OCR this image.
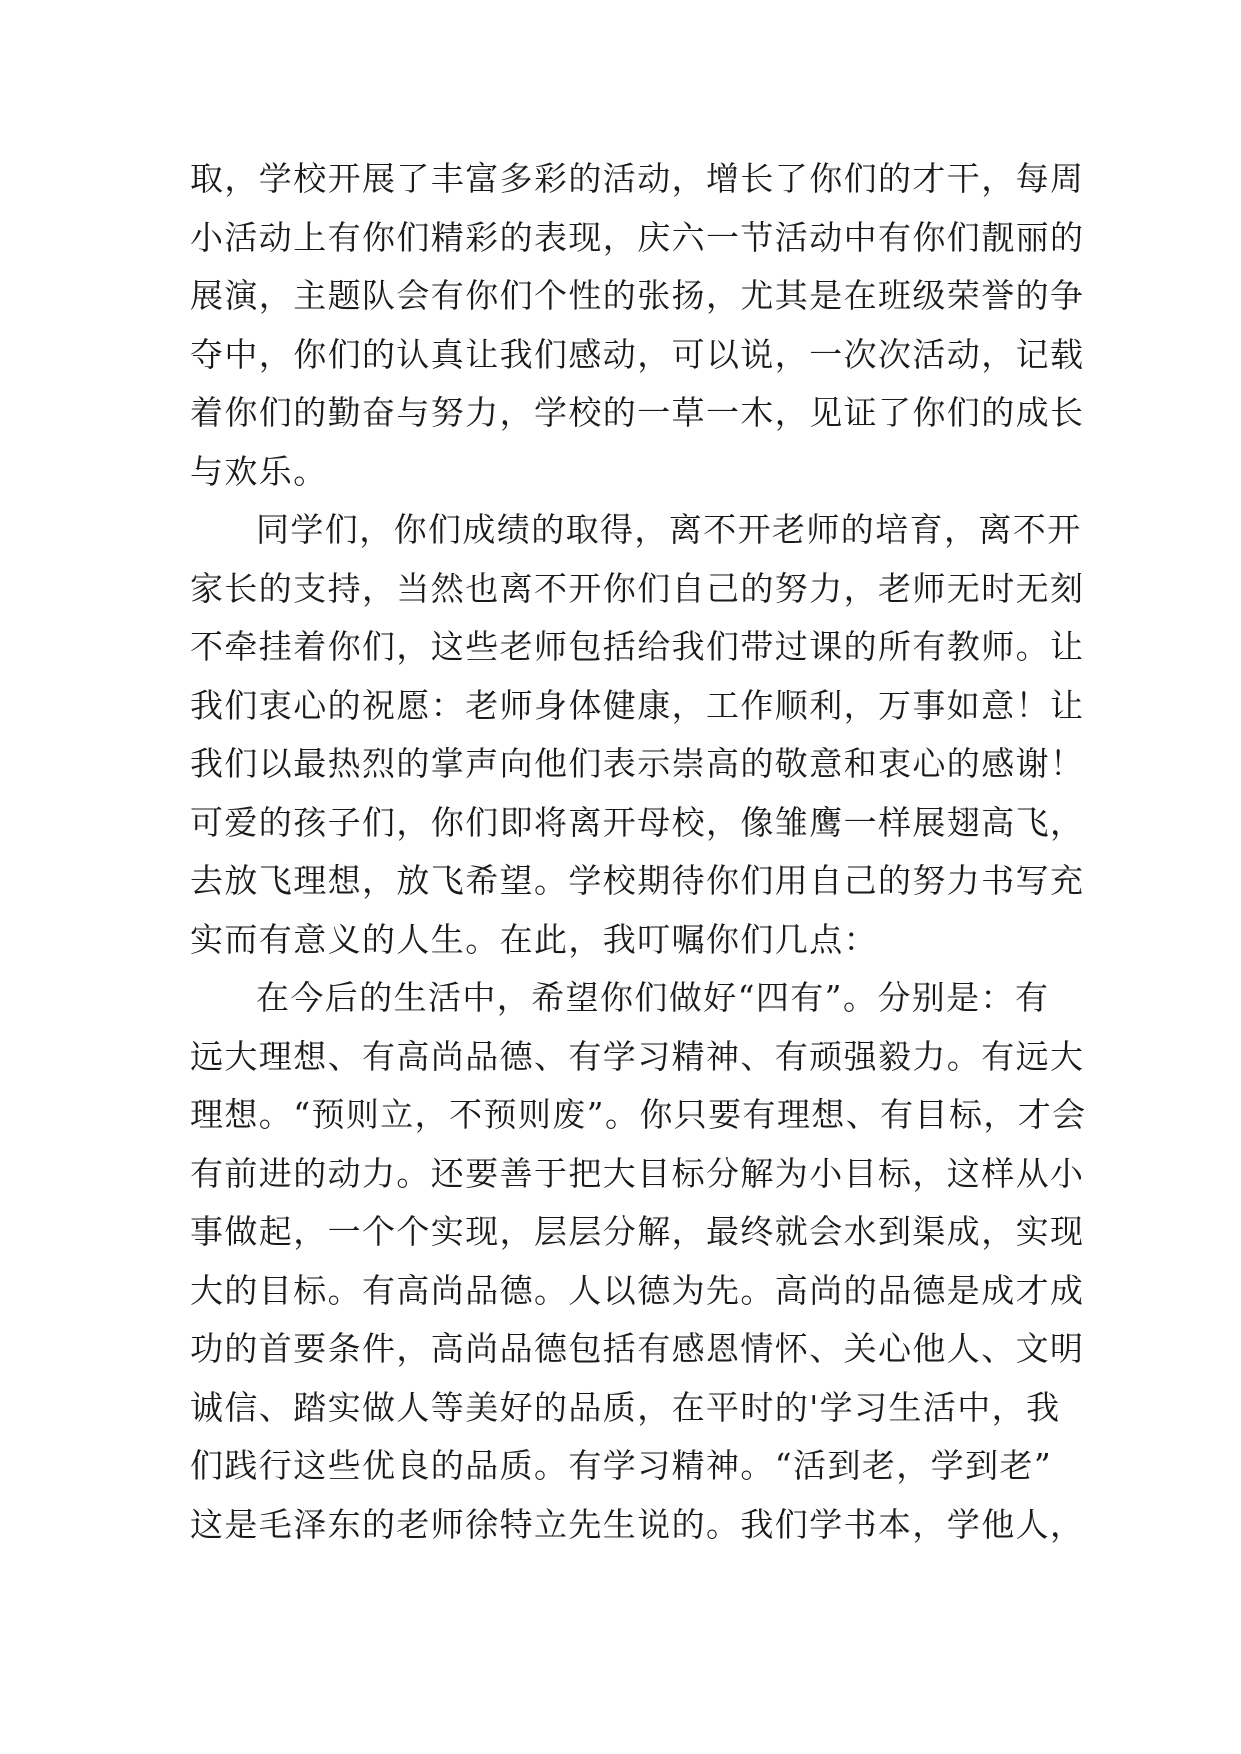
取，学校开展了丰富多彩的活动，增长了你们的才干，每周
小活动上有你们精彩的表现，庆六一节活动中有你们靓丽的
展演，主题队会有你们个性的张扬，尤其是在班级荣誉的争
夺中，你们的认真让我们感动，可以说，一次次活动，记载
着你们的勤奋与努力，学校的一草一木，见证了你们的成长
与欢乐。
同学们，你们成绩的取得，离不开老师的培育，离不开
家长的支持，当然也离不开你们自己的努力，老师无时无刻
不牵挂着你们，这些老师包括给我们带过课的所有教师。让
我们衷心的祝愿：老师身体健康，工作顺利，万事如意！让
我们以最热烈的掌声向他们表示崇高的敬意和衷心的感谢！
可爱的孩子们，你们即将离开母校，像雏鹰一样展翅高飞，
去放飞理想，放飞希望。学校期待你们用自己的努力书写充
实而有意义的人生。在此，我叮嘱你们几点：
在今后的生活中，希望你们做好“四有”。分别是：有
远大理想、有高尚品德、有学习精神、有顽强毅力。有远大
理想。“预则立，不预则废”。你只要有理想、有目标，才会
有前进的动力。还要善于把大目标分解为小目标，这样从小
事做起，一个个实现，层层分解，最终就会水到渠成，实现
大的目标。有高尚品德。人以德为先。高尚的品德是成才成
功的首要条件，高尚品德包括有感恩情怀、关心他人、文明
诚信、踏实做人等美好的品质，在平时的'学习生活中，我
们践行这些优良的品质。有学习精神。“活到老，学到老”
这是毛泽东的老师徐特立先生说的。我们学书本，学他人，
